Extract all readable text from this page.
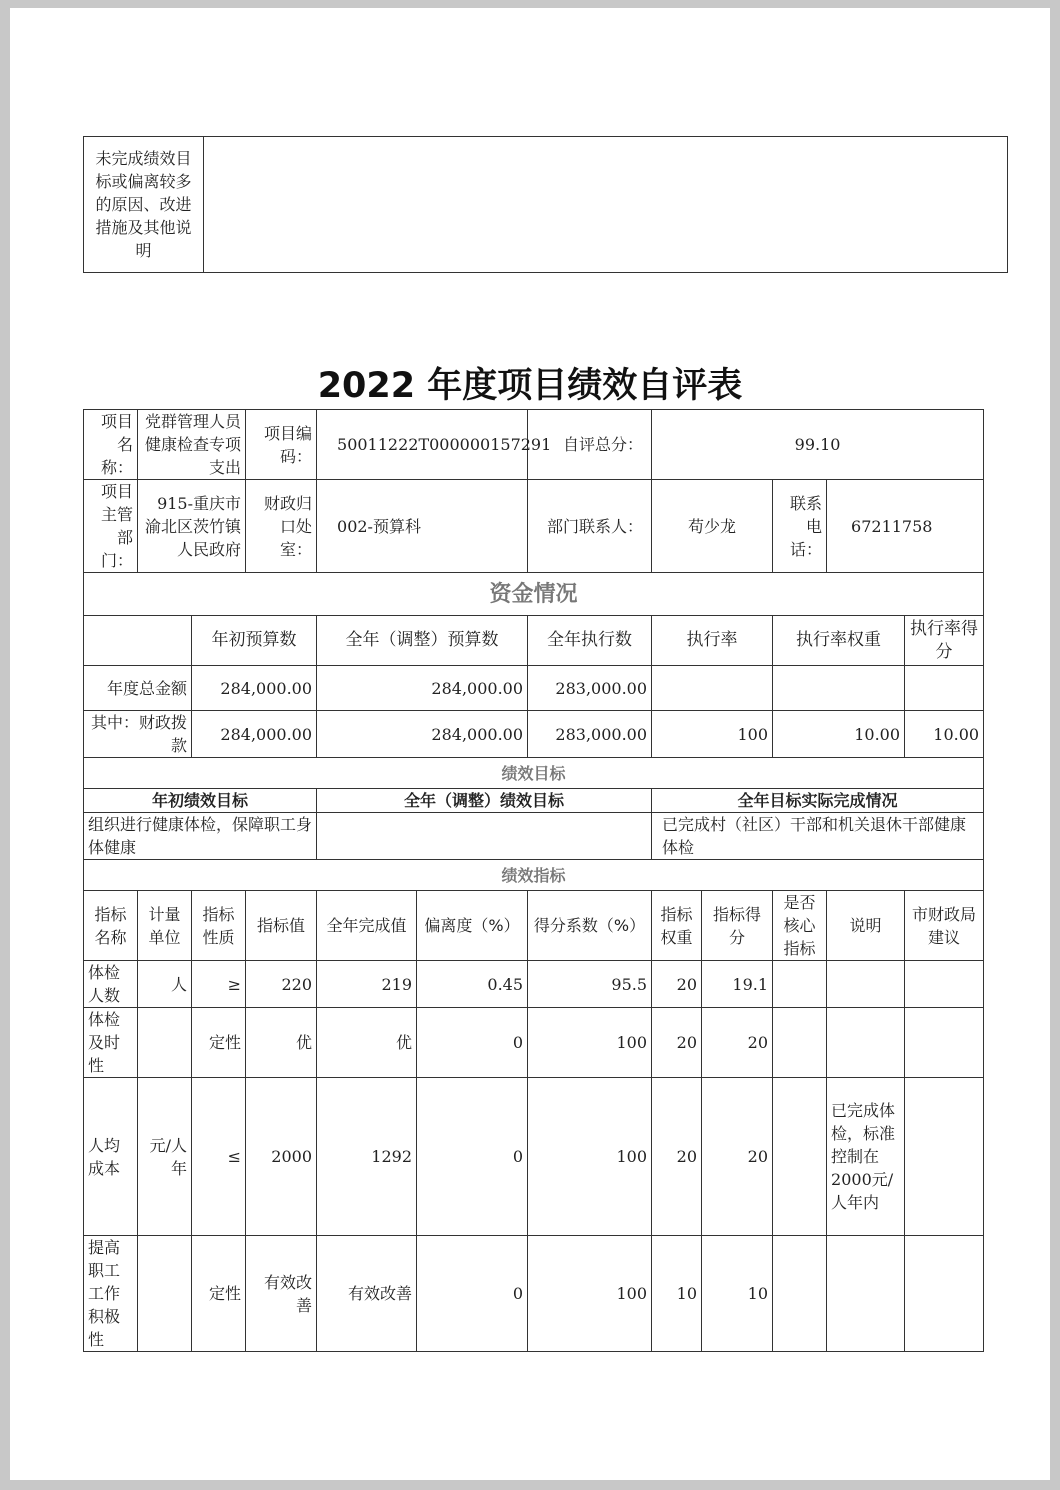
未完成绩效目标或偏离较多的原因、改进措施及其他说明	
2022 年度项目绩效自评表
项目名称：	党群管理人员健康检查专项支出		项目编码：	50011222T000000157291		自评总分：	99.10				
项目主管部门：	915-重庆市渝北区茨竹镇人民政府		财政归口处室：	002-预算科		部门联系人：	苟少龙		联系电话：	67211758	
资金情况											
		年初预算数		全年（调整）预算数		全年执行数	执行率		执行率权重		执行率得分
年度总金额		284,000.00		284,000.00		283,000.00					
其中：财政拨款		284,000.00		284,000.00		283,000.00	100		10.00		10.00
绩效目标											
年初绩效目标				全年（调整）绩效目标			全年目标实际完成情况				
组织进行健康体检，保障职工身体健康							已完成村（社区）干部和机关退休干部健康体检				
绩效指标											
指标名称	计量单位	指标性质	指标值	全年完成值	偏离度（%）	得分系数（%）	指标权重	指标得分	是否核心指标	说明	市财政局建议
体检人数	人	≥	220	219	0.45	95.5	20	19.1			
体检及时性		定性	优	优	0	100	20	20			
人均成本	元/人年	≤	2000	1292	0	100	20	20		已完成体检，标准控制在2000元/人年内	
提高职工工作积极性		定性	有效改善	有效改善	0	100	10	10			
